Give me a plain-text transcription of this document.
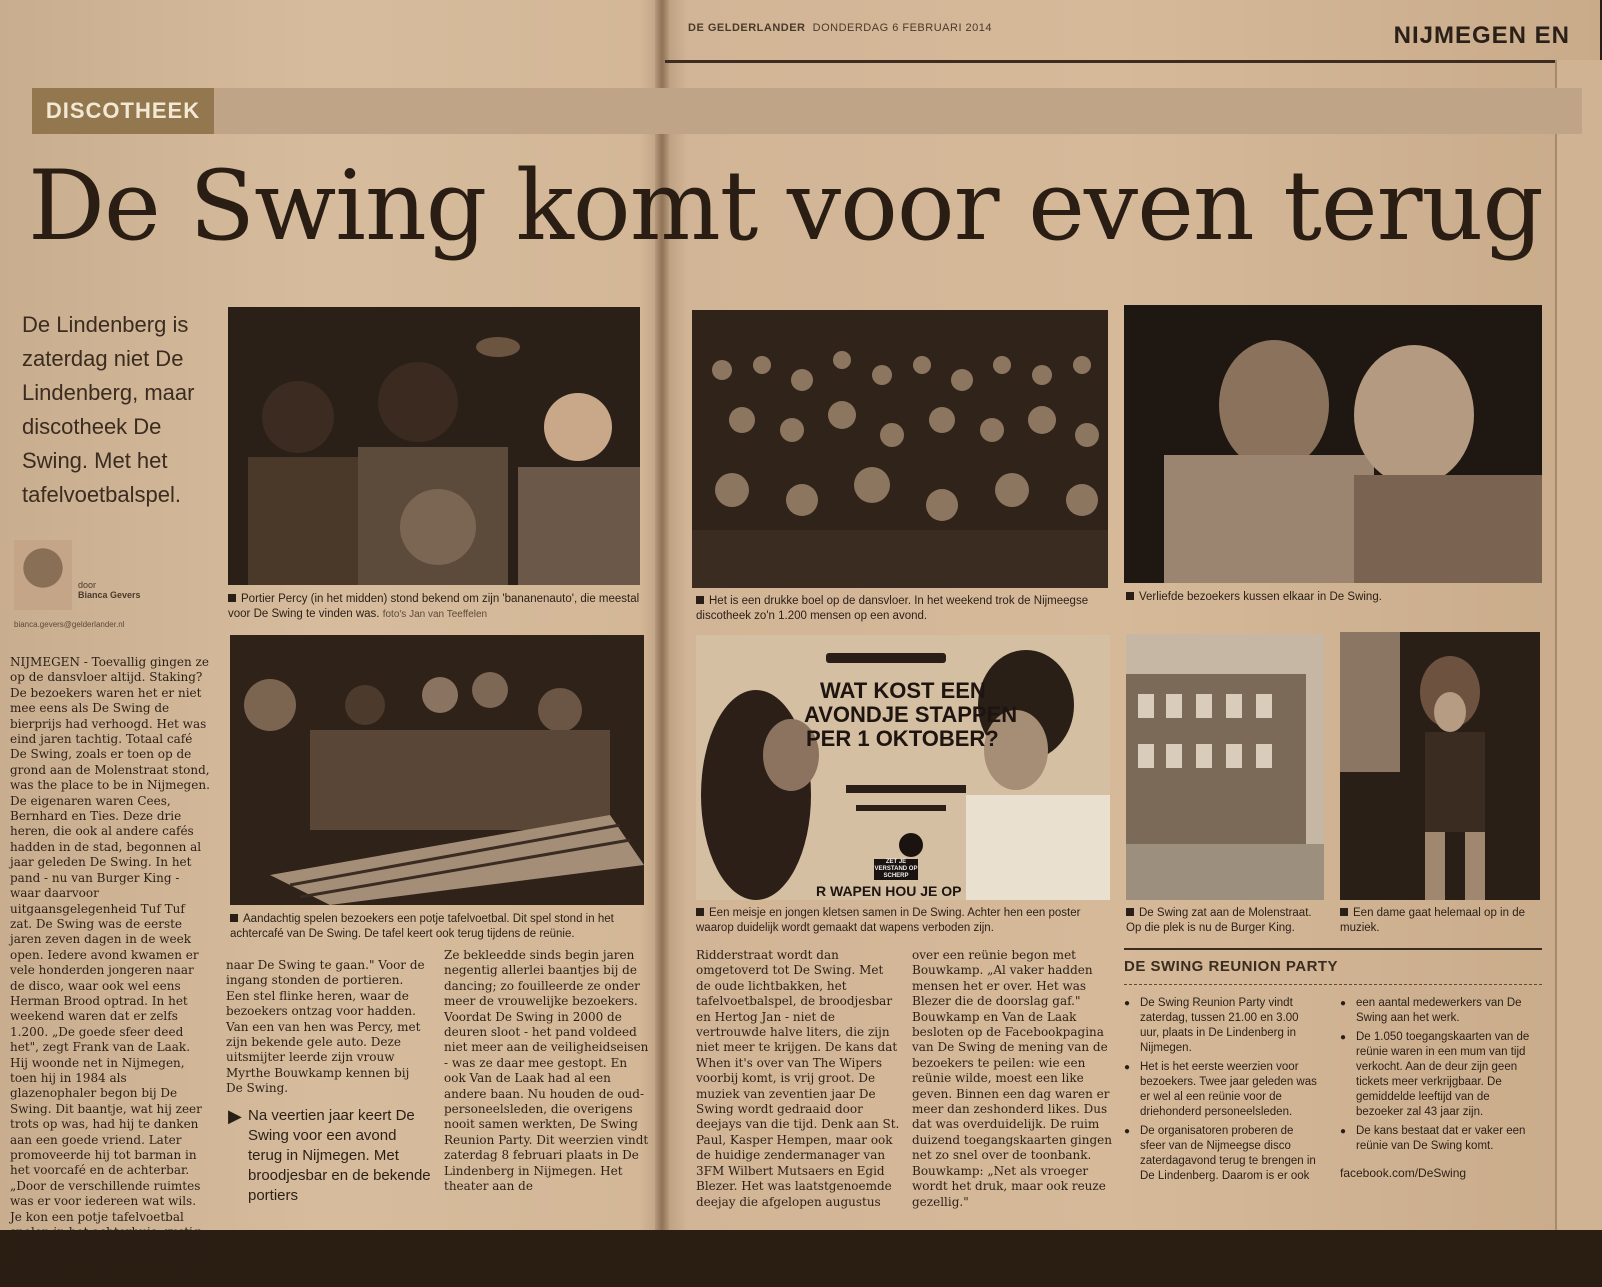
DE GELDERLANDER DONDERDAG 6 FEBRUARI 2014	NIJMEGEN EN
DISCOTHEEK
De Swing komt voor even terug
De Lindenberg is zaterdag niet De Lindenberg, maar discotheek De Swing. Met het tafelvoetbalspel.
door
Bianca Gevers
bianca.gevers@gelderlander.nl
Portier Percy (in het midden) stond bekend om zijn 'bananenauto', die meestal voor De Swing te vinden was. foto's Jan van Teeffelen
Het is een drukke boel op de dansvloer. In het weekend trok de Nijmeegse discotheek zo'n 1.200 mensen op een avond.
Verliefde bezoekers kussen elkaar in De Swing.
Aandachtig spelen bezoekers een potje tafelvoetbal. Dit spel stond in het achtercafé van De Swing. De tafel keert ook terug tijdens de reünie.
WAT KOST EEN
AVONDJE STAPPEN
PER 1 OKTOBER?
ZET JE VERSTAND OP SCHERP
R WAPEN HOU JE OP
Een meisje en jongen kletsen samen in De Swing. Achter hen een poster waarop duidelijk wordt gemaakt dat wapens verboden zijn.
De Swing zat aan de Molenstraat. Op die plek is nu de Burger King.
Een dame gaat helemaal op in de muziek.
NIJMEGEN - Toevallig gingen ze op de dansvloer altijd. Staking? De bezoekers waren het er niet mee eens als De Swing de bierprijs had verhoogd. Het was eind jaren tachtig. Totaal café De Swing, zoals er toen op de grond aan de Molenstraat stond, was the place to be in Nijmegen. De eigenaren waren Cees, Bernhard en Ties. Deze drie heren, die ook al andere cafés hadden in de stad, begonnen al jaar geleden De Swing. In het pand - nu van Burger King - waar daarvoor uitgaansgelegenheid Tuf Tuf zat. De Swing was de eerste jaren zeven dagen in de week open. Iedere avond kwamen er vele honderden jongeren naar de disco, waar ook wel eens Herman Brood optrad. In het weekend waren dat er zelfs 1.200. „De goede sfeer deed het", zegt Frank van de Laak. Hij woonde net in Nijmegen, toen hij in 1984 als glazenophaler begon bij De Swing. Dit baantje, wat hij zeer trots op was, had hij te danken aan een goede vriend. Later promoveerde hij tot barman in het voorcafé en de achterbar. „Door de verschillende ruimtes was er voor iedereen wat wils. Je kon een potje tafelvoetbal spelen in het achterhuis, rustig zitten in het café of dansen in de zaal. Het was ook niet vreemd om alleen
naar De Swing te gaan." Voor de ingang stonden de portieren. Een stel flinke heren, waar de bezoekers ontzag voor hadden. Van een van hen was Percy, met zijn bekende gele auto. Deze uitsmijter leerde zijn vrouw Myrthe Bouwkamp kennen bij De Swing.
▶ Na veertien jaar keert De Swing voor een avond terug in Nijmegen. Met broodjesbar en de bekende portiers
Ze bekleedde sinds begin jaren negentig allerlei baantjes bij de dancing; zo fouilleerde ze onder meer de vrouwelijke bezoekers. Voordat De Swing in 2000 de deuren sloot - het pand voldeed niet meer aan de veiligheidseisen - was ze daar mee gestopt. En ook Van de Laak had al een andere baan. Nu houden de oud-personeelsleden, die overigens nooit samen werkten, De Swing Reunion Party. Dit weerzien vindt zaterdag 8 februari plaats in De Lindenberg in Nijmegen. Het theater aan de
Ridderstraat wordt dan omgetoverd tot De Swing. Met de oude lichtbakken, het tafelvoetbalspel, de broodjesbar en Hertog Jan - niet de vertrouwde halve liters, die zijn niet meer te krijgen. De kans dat When it's over van The Wipers voorbij komt, is vrij groot. De muziek van zeventien jaar De Swing wordt gedraaid door deejays van die tijd. Denk aan St. Paul, Kasper Hempen, maar ook de huidige zendermanager van 3FM Wilbert Mutsaers en Egid Blezer. Het was laatstgenoemde deejay die afgelopen augustus
over een reünie begon met Bouwkamp. „Al vaker hadden mensen het er over. Het was Blezer die de doorslag gaf." Bouwkamp en Van de Laak besloten op de Facebookpagina van De Swing de mening van de bezoekers te peilen: wie een reünie wilde, moest een like geven. Binnen een dag waren er meer dan zeshonderd likes. Dus dat was overduidelijk. De ruim duizend toegangskaarten gingen net zo snel over de toonbank. Bouwkamp: „Net als vroeger wordt het druk, maar ook reuze gezellig."
DE SWING REUNION PARTY
● De Swing Reunion Party vindt zaterdag, tussen 21.00 en 3.00 uur, plaats in De Lindenberg in Nijmegen.
● Het is het eerste weerzien voor bezoekers. Twee jaar geleden was er wel al een reünie voor de driehonderd personeelsleden.
● De organisatoren proberen de sfeer van de Nijmeegse disco zaterdagavond terug te brengen in De Lindenberg. Daarom is er ook
● een aantal medewerkers van De Swing aan het werk.
● De 1.050 toegangskaarten van de reünie waren in een mum van tijd verkocht. Aan de deur zijn geen tickets meer verkrijgbaar. De gemiddelde leeftijd van de bezoeker zal 43 jaar zijn.
● De kans bestaat dat er vaker een reünie van De Swing komt.
facebook.com/DeSwing
